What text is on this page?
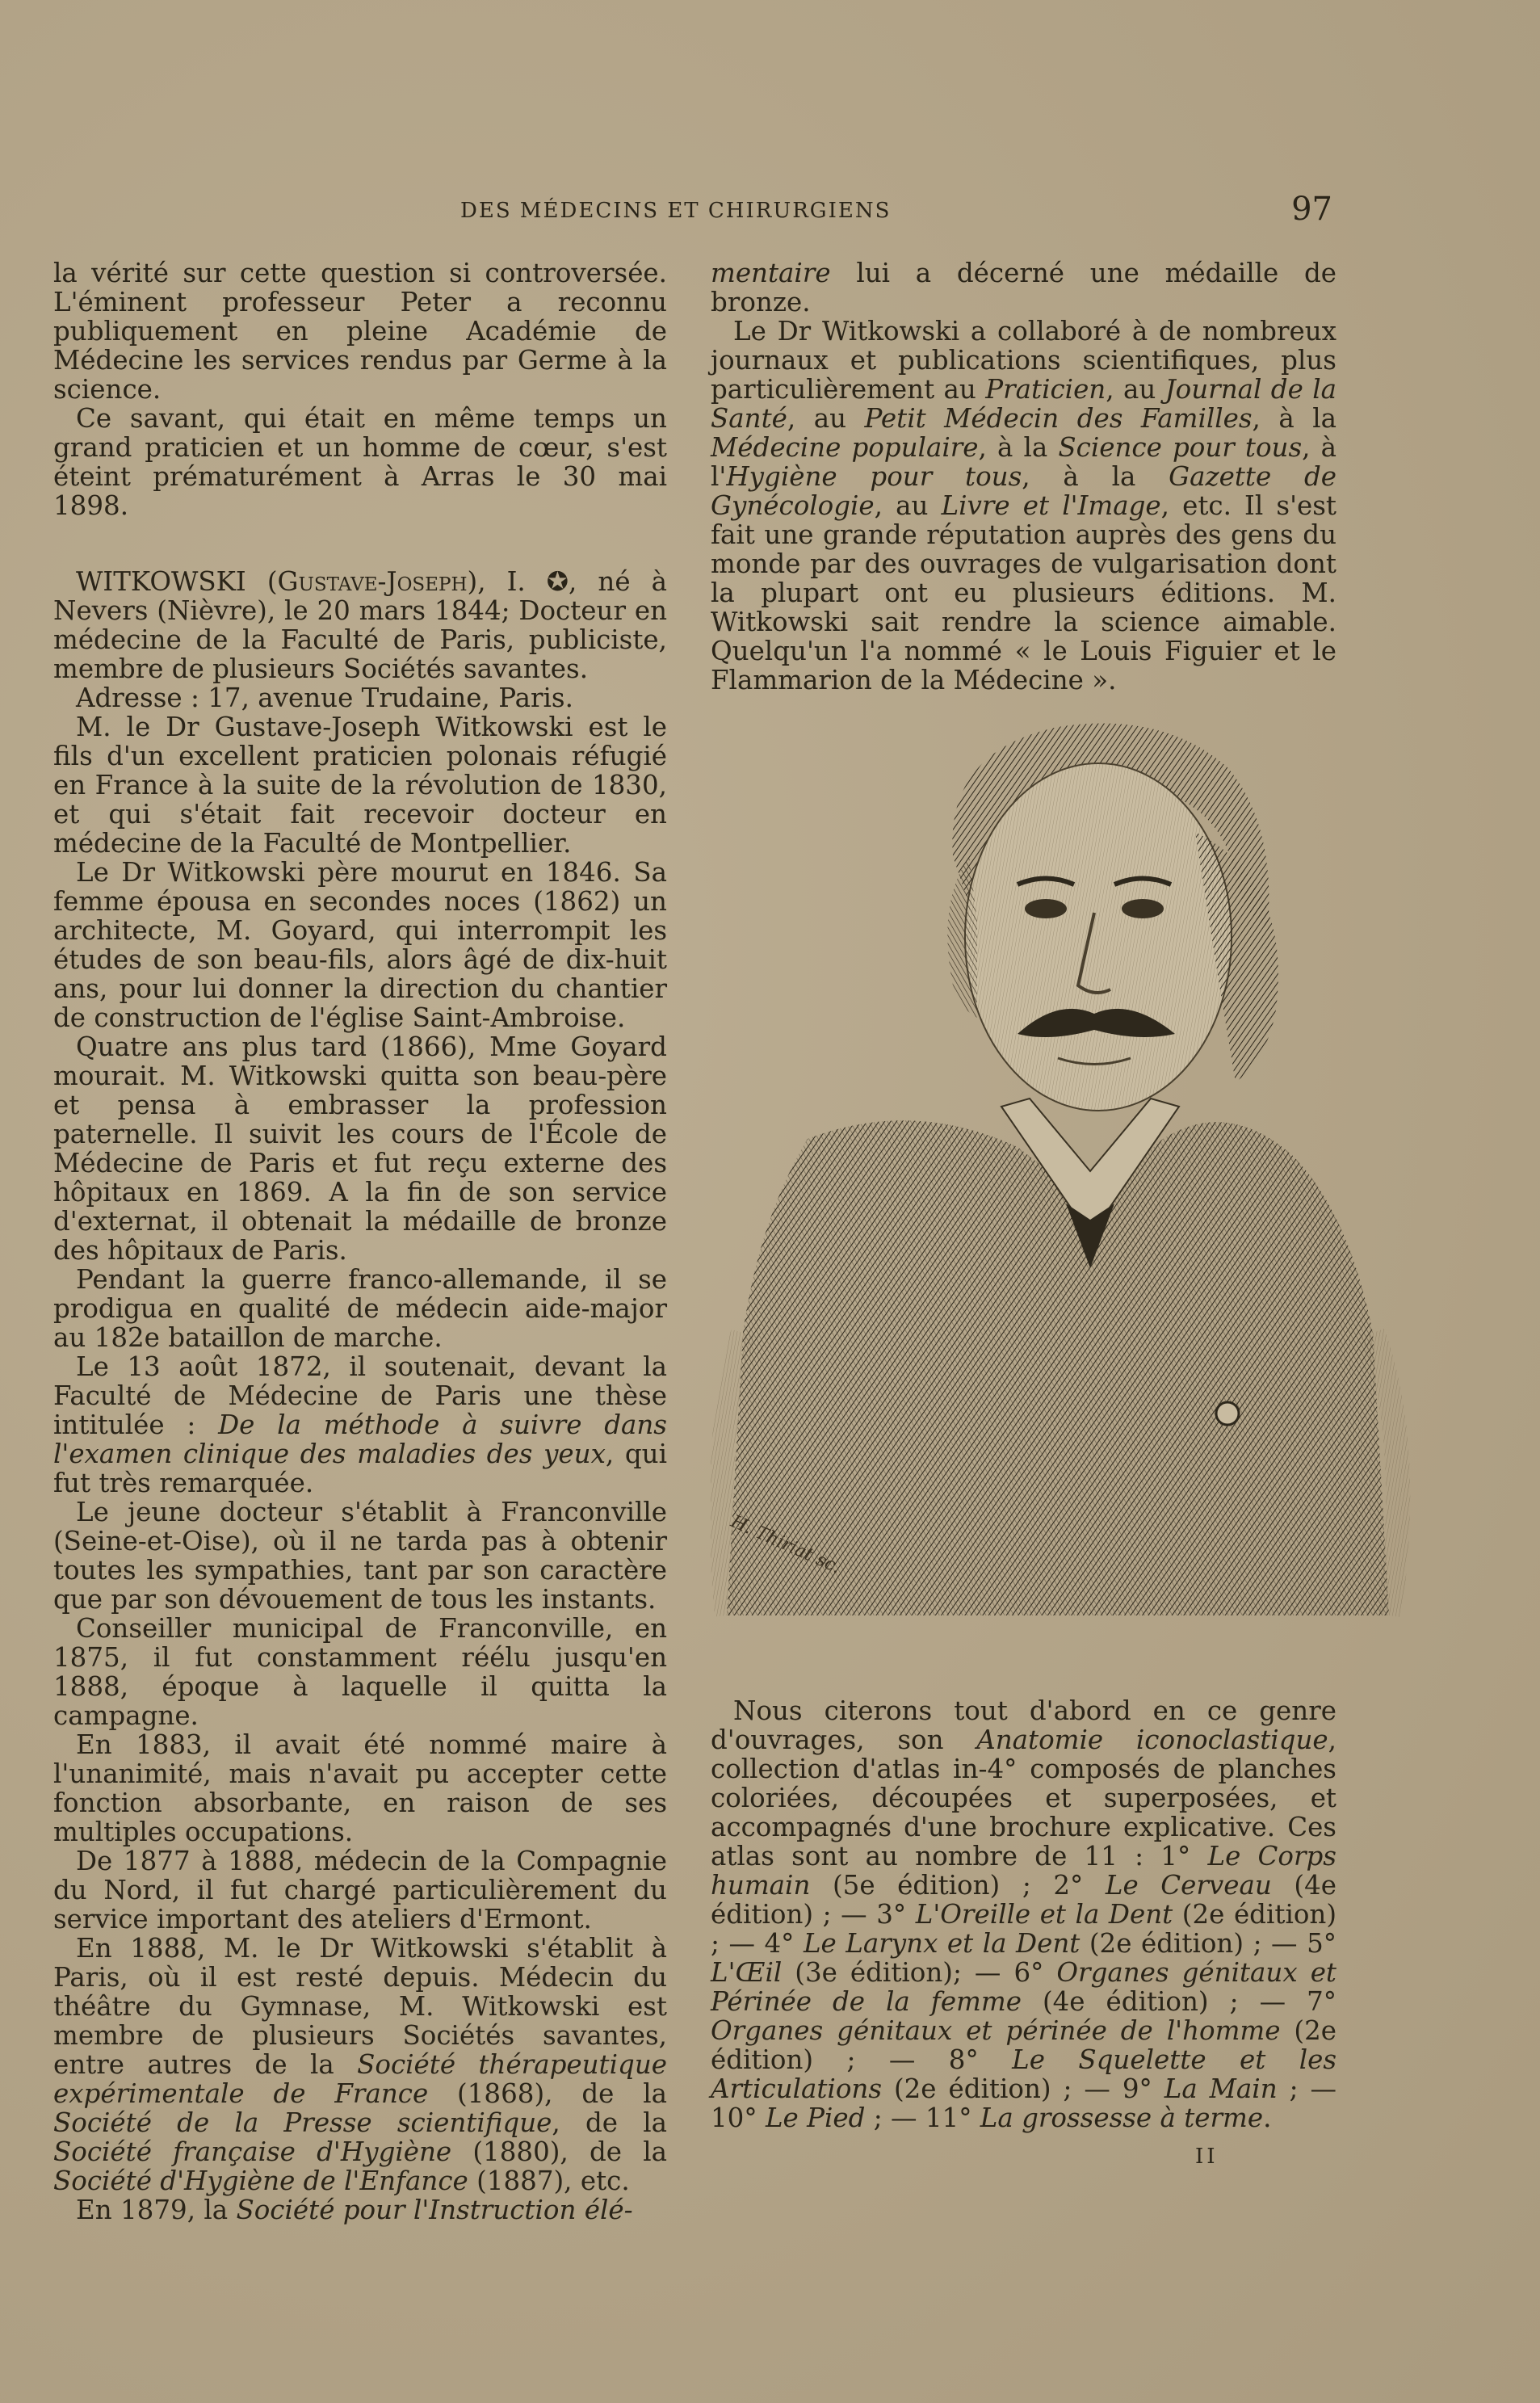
DES MÉDECINS ET CHIRURGIENS	97

la vérité sur cette question si controversée. L'éminent professeur Peter a reconnu publiquement en pleine Académie de Médecine les services rendus par Germe à la science.

Ce savant, qui était en même temps un grand praticien et un homme de cœur, s'est éteint prématurément à Arras le 30 mai 1898.

WITKOWSKI (Gustave-Joseph), I. ✪, né à Nevers (Nièvre), le 20 mars 1844; Docteur en médecine de la Faculté de Paris, publiciste, membre de plusieurs Sociétés savantes.

Adresse : 17, avenue Trudaine, Paris.

M. le Dr Gustave-Joseph Witkowski est le fils d'un excellent praticien polonais réfugié en France à la suite de la révolution de 1830, et qui s'était fait recevoir docteur en médecine de la Faculté de Montpellier.

Le Dr Witkowski père mourut en 1846. Sa femme épousa en secondes noces (1862) un architecte, M. Goyard, qui interrompit les études de son beau-fils, alors âgé de dix-huit ans, pour lui donner la direction du chantier de construction de l'église Saint-Ambroise.

Quatre ans plus tard (1866), Mme Goyard mourait. M. Witkowski quitta son beau-père et pensa à embrasser la profession paternelle. Il suivit les cours de l'École de Médecine de Paris et fut reçu externe des hôpitaux en 1869. A la fin de son service d'externat, il obtenait la médaille de bronze des hôpitaux de Paris.

Pendant la guerre franco-allemande, il se prodigua en qualité de médecin aide-major au 182e bataillon de marche.

Le 13 août 1872, il soutenait, devant la Faculté de Médecine de Paris une thèse intitulée : De la méthode à suivre dans l'examen clinique des maladies des yeux, qui fut très remarquée.

Le jeune docteur s'établit à Franconville (Seine-et-Oise), où il ne tarda pas à obtenir toutes les sympathies, tant par son caractère que par son dévouement de tous les instants.

Conseiller municipal de Franconville, en 1875, il fut constamment réélu jusqu'en 1888, époque à laquelle il quitta la campagne.

En 1883, il avait été nommé maire à l'unanimité, mais n'avait pu accepter cette fonction absorbante, en raison de ses multiples occupations.

De 1877 à 1888, médecin de la Compagnie du Nord, il fut chargé particulièrement du service important des ateliers d'Ermont.

En 1888, M. le Dr Witkowski s'établit à Paris, où il est resté depuis. Médecin du théâtre du Gymnase, M. Witkowski est membre de plusieurs Sociétés savantes, entre autres de la Société thérapeutique expérimentale de France (1868), de la Société de la Presse scientifique, de la Société française d'Hygiène (1880), de la Société d'Hygiène de l'Enfance (1887), etc.

En 1879, la Société pour l'Instruction élé-

mentaire lui a décerné une médaille de bronze.

Le Dr Witkowski a collaboré à de nombreux journaux et publications scientifiques, plus particulièrement au Praticien, au Journal de la Santé, au Petit Médecin des Familles, à la Médecine populaire, à la Science pour tous, à l'Hygiène pour tous, à la Gazette de Gynécologie, au Livre et l'Image, etc. Il s'est fait une grande réputation auprès des gens du monde par des ouvrages de vulgarisation dont la plupart ont eu plusieurs éditions. M. Witkowski sait rendre la science aimable. Quelqu'un l'a nommé « le Louis Figuier et le Flammarion de la Médecine ».

H. Thiriat sc.

Nous citerons tout d'abord en ce genre d'ouvrages, son Anatomie iconoclastique, collection d'atlas in-4° composés de planches coloriées, découpées et superposées, et accompagnés d'une brochure explicative. Ces atlas sont au nombre de 11 : 1° Le Corps humain (5e édition) ; 2° Le Cerveau (4e édition) ; — 3° L'Oreille et la Dent (2e édition) ; — 4° Le Larynx et la Dent (2e édition) ; — 5° L'Œil (3e édition); — 6° Organes génitaux et Périnée de la femme (4e édition) ; — 7° Organes génitaux et périnée de l'homme (2e édition) ; — 8° Le Squelette et les Articulations (2e édition) ; — 9° La Main ; — 10° Le Pied ; — 11° La grossesse à terme.

II
